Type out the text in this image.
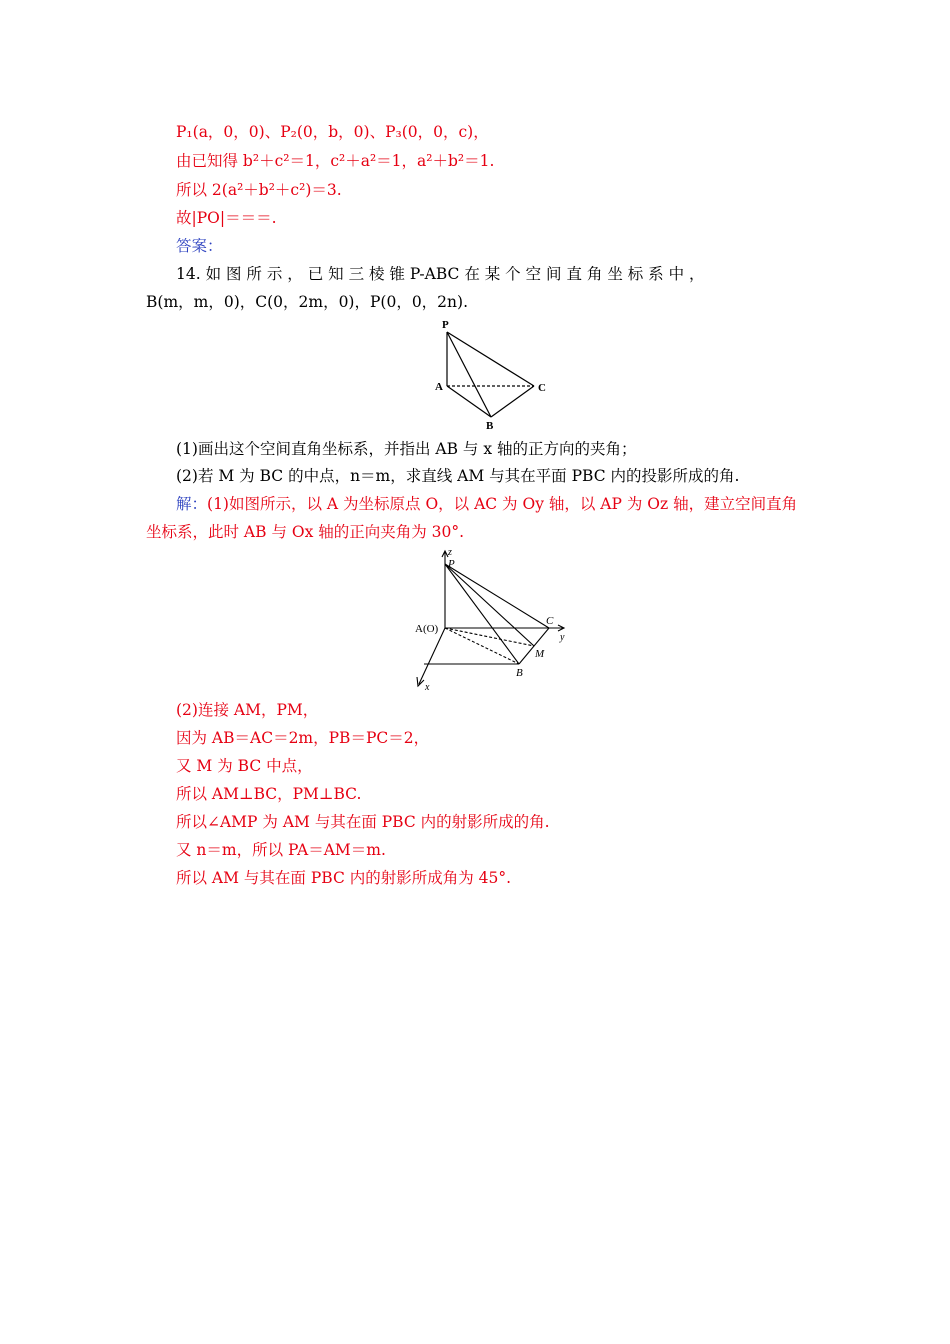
P₁(a，0，0)、P₂(0，b，0)、P₃(0，0，c)，
由已知得 b²＋c²＝1，c²＋a²＝1，a²＋b²＝1.
所以 2(a²＋b²＋c²)＝3.
故|PO|＝＝＝.
答案：
14. 如 图 所 示 ， 已 知 三 棱 锥 P-ABC 在 某 个 空 间 直 角 坐 标 系 中 ，
B(m，m，0)，C(0，2m，0)，P(0，0，2n).
P
A	C
B
(1)画出这个空间直角坐标系，并指出 AB 与 x 轴的正方向的夹角；
(2)若 M 为 BC 的中点，n＝m，求直线 AM 与其在平面 PBC 内的投影所成的角.
解：(1)如图所示，以 A 为坐标原点 O，以 AC 为 Oy 轴，以 AP 为 Oz 轴，建立空间直角
坐标系，此时 AB 与 Ox 轴的正向夹角为 30°.
z
P
A(O)
C
y
M
B
x
(2)连接 AM，PM，
因为 AB＝AC＝2m，PB＝PC＝2，
又 M 为 BC 中点，
所以 AM⊥BC，PM⊥BC.
所以∠AMP 为 AM 与其在面 PBC 内的射影所成的角.
又 n＝m，所以 PA＝AM＝m.
所以 AM 与其在面 PBC 内的射影所成角为 45°.
